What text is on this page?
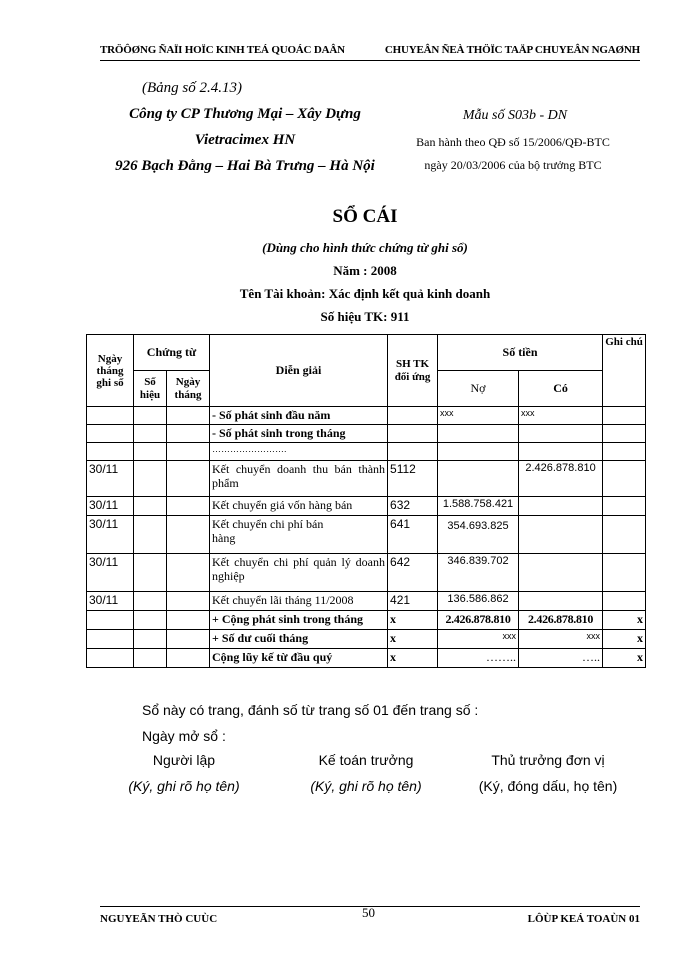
TRÖÔØNG ÑAÏI HOÏC KINH TEÁ QUOÁC DAÂN	CHUYEÂN ÑEÀ THÖÏC TAÄP CHUYEÂN NGAØNH
(Bảng số 2.4.13)
Công ty CP Thương Mại – Xây Dựng
Vietracimex HN
926 Bạch Đằng – Hai Bà Trưng – Hà Nội
Mẫu số S03b - DN
Ban hành theo QĐ số 15/2006/QĐ-BTC
ngày 20/03/2006 của bộ trưởng BTC
SỔ CÁI
(Dùng cho hình thức chứng từ ghi sổ)
Năm : 2008
Tên Tài khoản: Xác định kết quả kinh doanh
Số hiệu TK: 911
Ngày tháng ghi sổ	Chứng từ		Diễn giải	SH TK đối ứng	Số tiền		Ghi chú
	Số hiệu	Ngày tháng			Nợ	Có	
			- Số phát sinh đầu năm		xxx	xxx	
			- Số phát sinh trong tháng				
			…………………….				
30/11			Kết chuyển doanh thu bán thành phẩm	5112		2.426.878.810	
30/11			Kết chuyển giá vốn hàng bán	632	1.588.758.421		
30/11			Kết chuyển chi phí bán hàng	641	354.693.825		
30/11			Kết chuyển chi phí quản lý doanh nghiệp	642	346.839.702		
30/11			Kết chuyển lãi tháng 11/2008	421	136.586.862		
			+ Cộng phát sinh trong tháng	x	2.426.878.810	2.426.878.810	x
			+ Số dư cuối tháng	x	xxx	xxx	x
			Cộng lũy kế từ đầu quý	x	……..	…..	x
Sổ này có trang, đánh số từ trang số 01 đến trang số :
Ngày mở sổ :
Người lập
(Ký, ghi rõ họ tên)
Kế toán trưởng
(Ký, ghi rõ họ tên)
Thủ trưởng đơn vị
(Ký, đóng dấu, họ tên)
NGUYEÃN THÒ CUÙC	50	LÔÙP KEÁ TOAÙN 01
